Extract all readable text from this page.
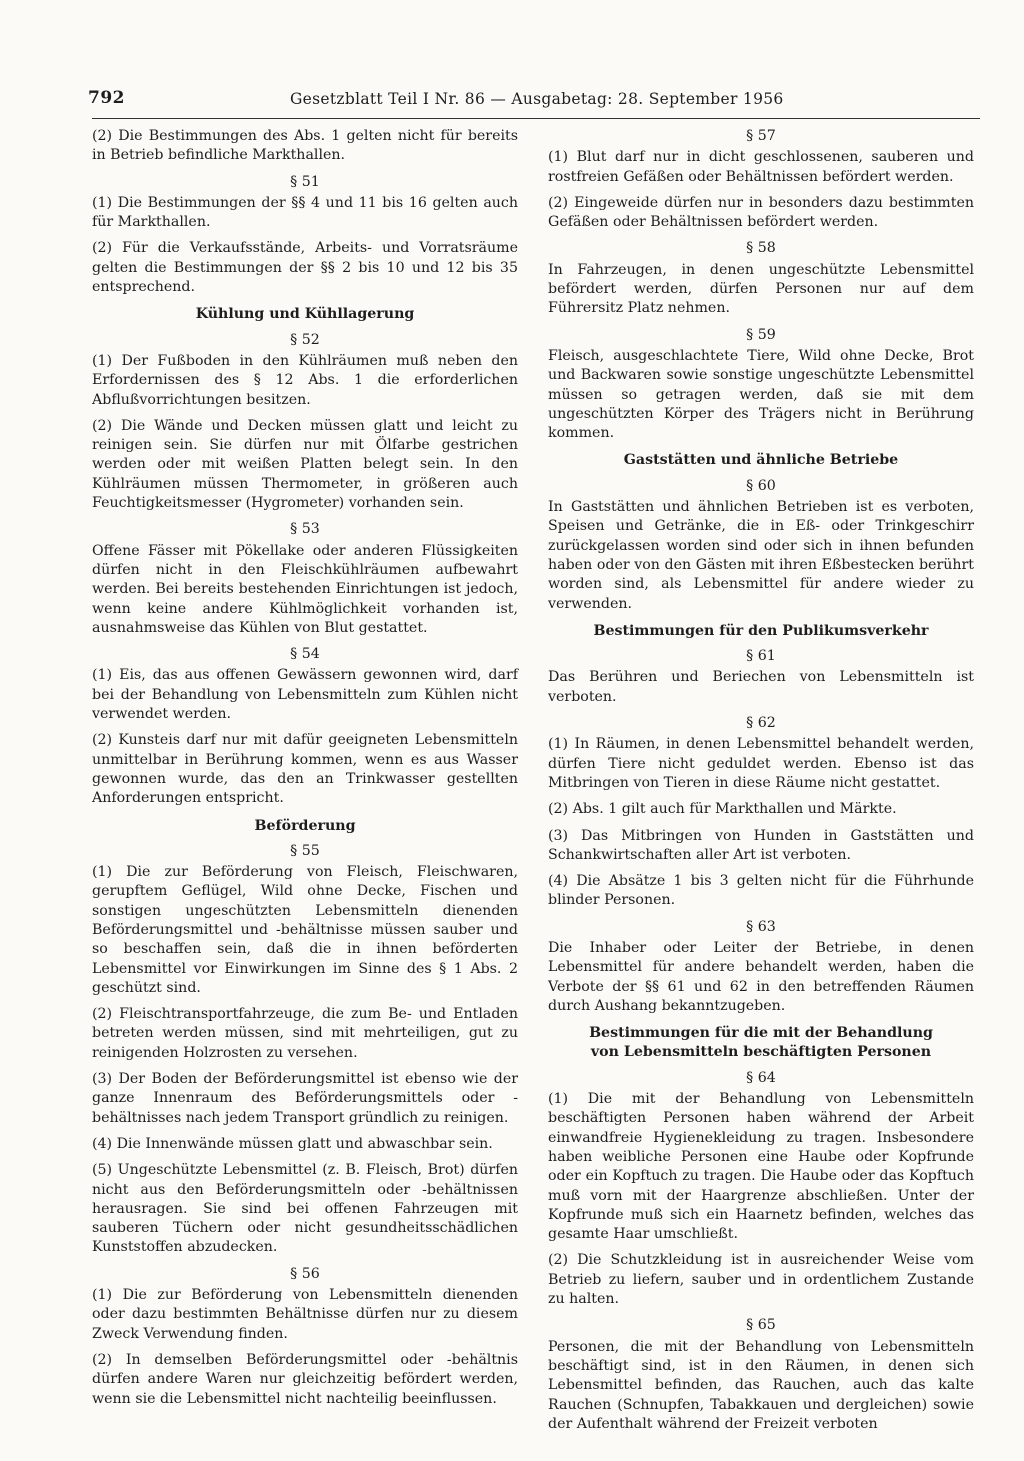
792	Gesetzblatt Teil I Nr. 86 — Ausgabetag: 28. September 1956

(2) Die Bestimmungen des Abs. 1 gelten nicht für bereits in Betrieb befindliche Markthallen.

§ 51

(1) Die Bestimmungen der §§ 4 und 11 bis 16 gelten auch für Markthallen.

(2) Für die Verkaufsstände, Arbeits- und Vorratsräume gelten die Bestimmungen der §§ 2 bis 10 und 12 bis 35 entsprechend.

Kühlung und Kühllagerung
§ 52

(1) Der Fußboden in den Kühlräumen muß neben den Erfordernissen des § 12 Abs. 1 die erforderlichen Abflußvorrichtungen besitzen.

(2) Die Wände und Decken müssen glatt und leicht zu reinigen sein. Sie dürfen nur mit Ölfarbe gestrichen werden oder mit weißen Platten belegt sein. In den Kühlräumen müssen Thermometer, in größeren auch Feuchtigkeitsmesser (Hygrometer) vorhanden sein.

§ 53

Offene Fässer mit Pökellake oder anderen Flüssigkeiten dürfen nicht in den Fleischkühlräumen aufbewahrt werden. Bei bereits bestehenden Einrichtungen ist jedoch, wenn keine andere Kühlmöglichkeit vorhanden ist, ausnahmsweise das Kühlen von Blut gestattet.

§ 54

(1) Eis, das aus offenen Gewässern gewonnen wird, darf bei der Behandlung von Lebensmitteln zum Kühlen nicht verwendet werden.

(2) Kunsteis darf nur mit dafür geeigneten Lebensmitteln unmittelbar in Berührung kommen, wenn es aus Wasser gewonnen wurde, das den an Trinkwasser gestellten Anforderungen entspricht.

Beförderung
§ 55

(1) Die zur Beförderung von Fleisch, Fleischwaren, gerupftem Geflügel, Wild ohne Decke, Fischen und sonstigen ungeschützten Lebensmitteln dienenden Beförderungsmittel und -behältnisse müssen sauber und so beschaffen sein, daß die in ihnen beförderten Lebensmittel vor Einwirkungen im Sinne des § 1 Abs. 2 geschützt sind.

(2) Fleischtransportfahrzeuge, die zum Be- und Entladen betreten werden müssen, sind mit mehrteiligen, gut zu reinigenden Holzrosten zu versehen.

(3) Der Boden der Beförderungsmittel ist ebenso wie der ganze Innenraum des Beförderungsmittels oder -behältnisses nach jedem Transport gründlich zu reinigen.

(4) Die Innenwände müssen glatt und abwaschbar sein.

(5) Ungeschützte Lebensmittel (z. B. Fleisch, Brot) dürfen nicht aus den Beförderungsmitteln oder -behältnissen herausragen. Sie sind bei offenen Fahrzeugen mit sauberen Tüchern oder nicht gesundheitsschädlichen Kunststoffen abzudecken.

§ 56

(1) Die zur Beförderung von Lebensmitteln dienenden oder dazu bestimmten Behältnisse dürfen nur zu diesem Zweck Verwendung finden.

(2) In demselben Beförderungsmittel oder -behältnis dürfen andere Waren nur gleichzeitig befördert werden, wenn sie die Lebensmittel nicht nachteilig beeinflussen.

§ 57

(1) Blut darf nur in dicht geschlossenen, sauberen und rostfreien Gefäßen oder Behältnissen befördert werden.

(2) Eingeweide dürfen nur in besonders dazu bestimmten Gefäßen oder Behältnissen befördert werden.

§ 58

In Fahrzeugen, in denen ungeschützte Lebensmittel befördert werden, dürfen Personen nur auf dem Führersitz Platz nehmen.

§ 59

Fleisch, ausgeschlachtete Tiere, Wild ohne Decke, Brot und Backwaren sowie sonstige ungeschützte Lebensmittel müssen so getragen werden, daß sie mit dem ungeschützten Körper des Trägers nicht in Berührung kommen.

Gaststätten und ähnliche Betriebe
§ 60

In Gaststätten und ähnlichen Betrieben ist es verboten, Speisen und Getränke, die in Eß- oder Trinkgeschirr zurückgelassen worden sind oder sich in ihnen befunden haben oder von den Gästen mit ihren Eßbestecken berührt worden sind, als Lebensmittel für andere wieder zu verwenden.

Bestimmungen für den Publikumsverkehr
§ 61

Das Berühren und Beriechen von Lebensmitteln ist verboten.

§ 62

(1) In Räumen, in denen Lebensmittel behandelt werden, dürfen Tiere nicht geduldet werden. Ebenso ist das Mitbringen von Tieren in diese Räume nicht gestattet.

(2) Abs. 1 gilt auch für Markthallen und Märkte.

(3) Das Mitbringen von Hunden in Gaststätten und Schankwirtschaften aller Art ist verboten.

(4) Die Absätze 1 bis 3 gelten nicht für die Führhunde blinder Personen.

§ 63

Die Inhaber oder Leiter der Betriebe, in denen Lebensmittel für andere behandelt werden, haben die Verbote der §§ 61 und 62 in den betreffenden Räumen durch Aushang bekanntzugeben.

Bestimmungen für die mit der Behandlung
von Lebensmitteln beschäftigten Personen
§ 64

(1) Die mit der Behandlung von Lebensmitteln beschäftigten Personen haben während der Arbeit einwandfreie Hygienekleidung zu tragen. Insbesondere haben weibliche Personen eine Haube oder Kopfrunde oder ein Kopftuch zu tragen. Die Haube oder das Kopftuch muß vorn mit der Haargrenze abschließen. Unter der Kopfrunde muß sich ein Haarnetz befinden, welches das gesamte Haar umschließt.

(2) Die Schutzkleidung ist in ausreichender Weise vom Betrieb zu liefern, sauber und in ordentlichem Zustande zu halten.

§ 65

Personen, die mit der Behandlung von Lebensmitteln beschäftigt sind, ist in den Räumen, in denen sich Lebensmittel befinden, das Rauchen, auch das kalte Rauchen (Schnupfen, Tabakkauen und dergleichen) sowie der Aufenthalt während der Freizeit verboten
